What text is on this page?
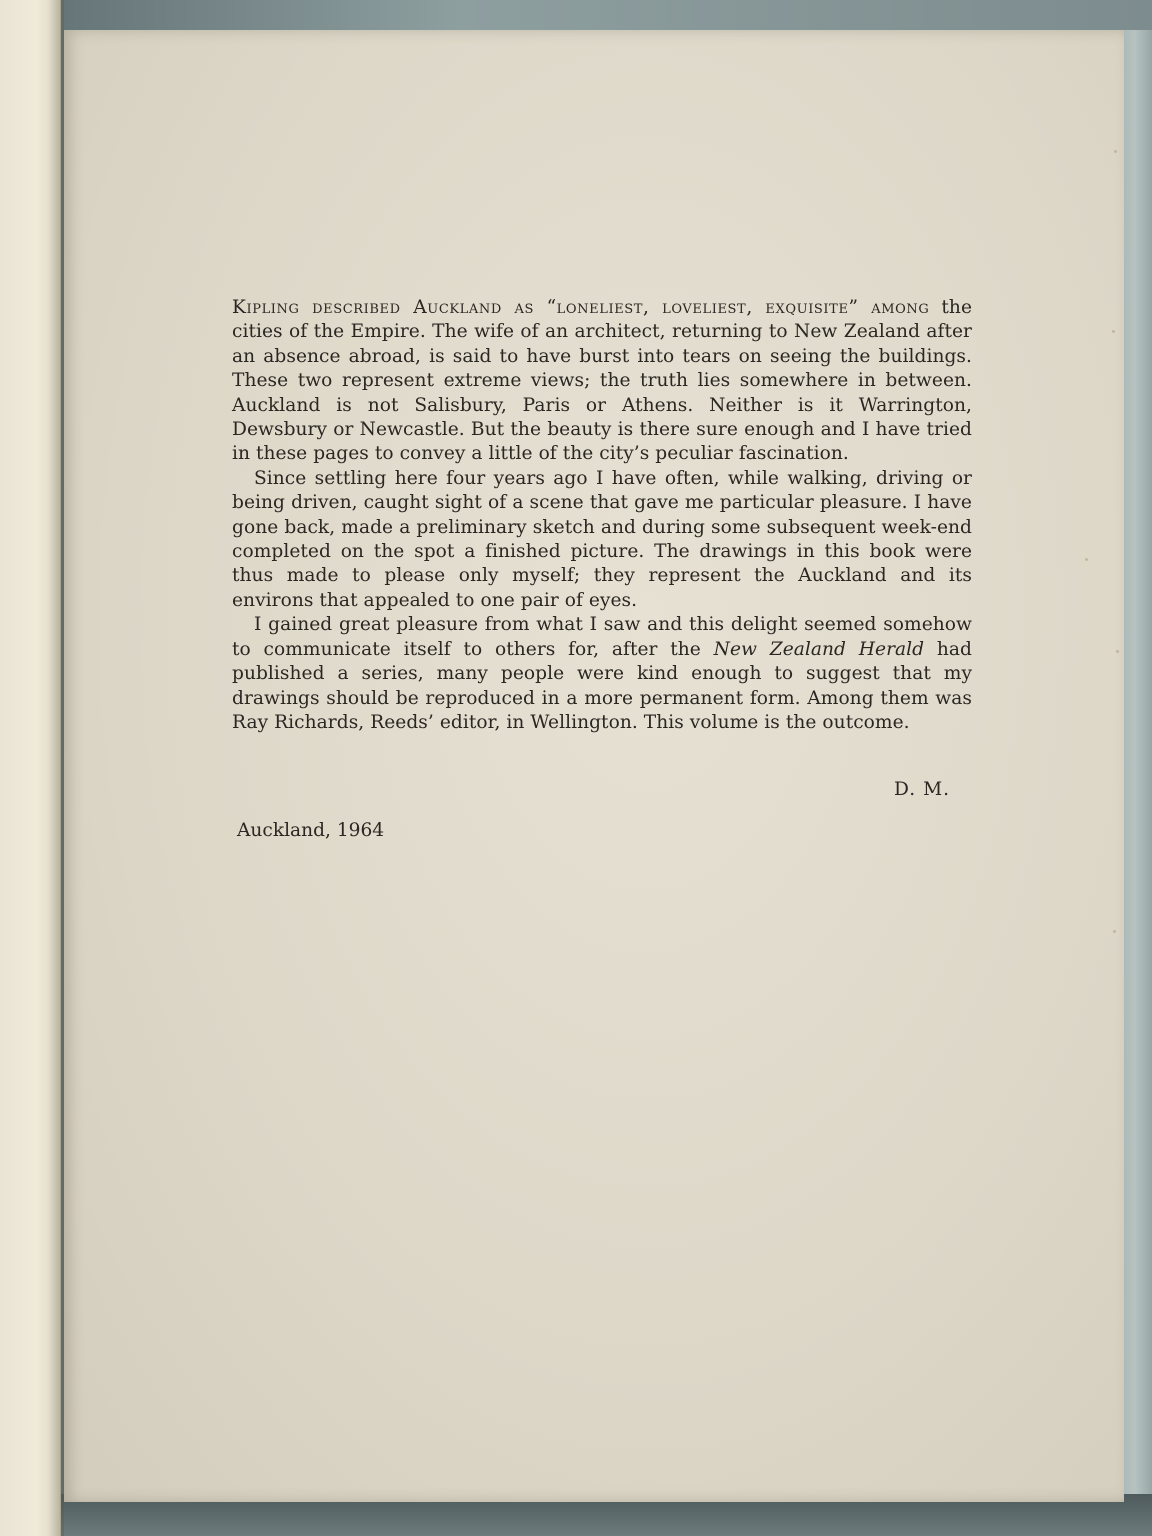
Kipling described Auckland as “loneliest, loveliest, exquisite” among the cities of the Empire. The wife of an architect, returning to New Zealand after an absence abroad, is said to have burst into tears on seeing the buildings. These two represent extreme views; the truth lies somewhere in between. Auckland is not Salisbury, Paris or Athens. Neither is it Warrington, Dewsbury or Newcastle. But the beauty is there sure enough and I have tried in these pages to convey a little of the city’s peculiar fascination.

Since settling here four years ago I have often, while walking, driving or being driven, caught sight of a scene that gave me particular pleasure. I have gone back, made a preliminary sketch and during some subsequent week-end completed on the spot a finished picture. The drawings in this book were thus made to please only myself; they represent the Auckland and its environs that appealed to one pair of eyes.

I gained great pleasure from what I saw and this delight seemed somehow to communicate itself to others for, after the New Zealand Herald had published a series, many people were kind enough to suggest that my drawings should be reproduced in a more permanent form. Among them was Ray Richards, Reeds’ editor, in Wellington. This volume is the outcome.

D. M.
Auckland, 1964
